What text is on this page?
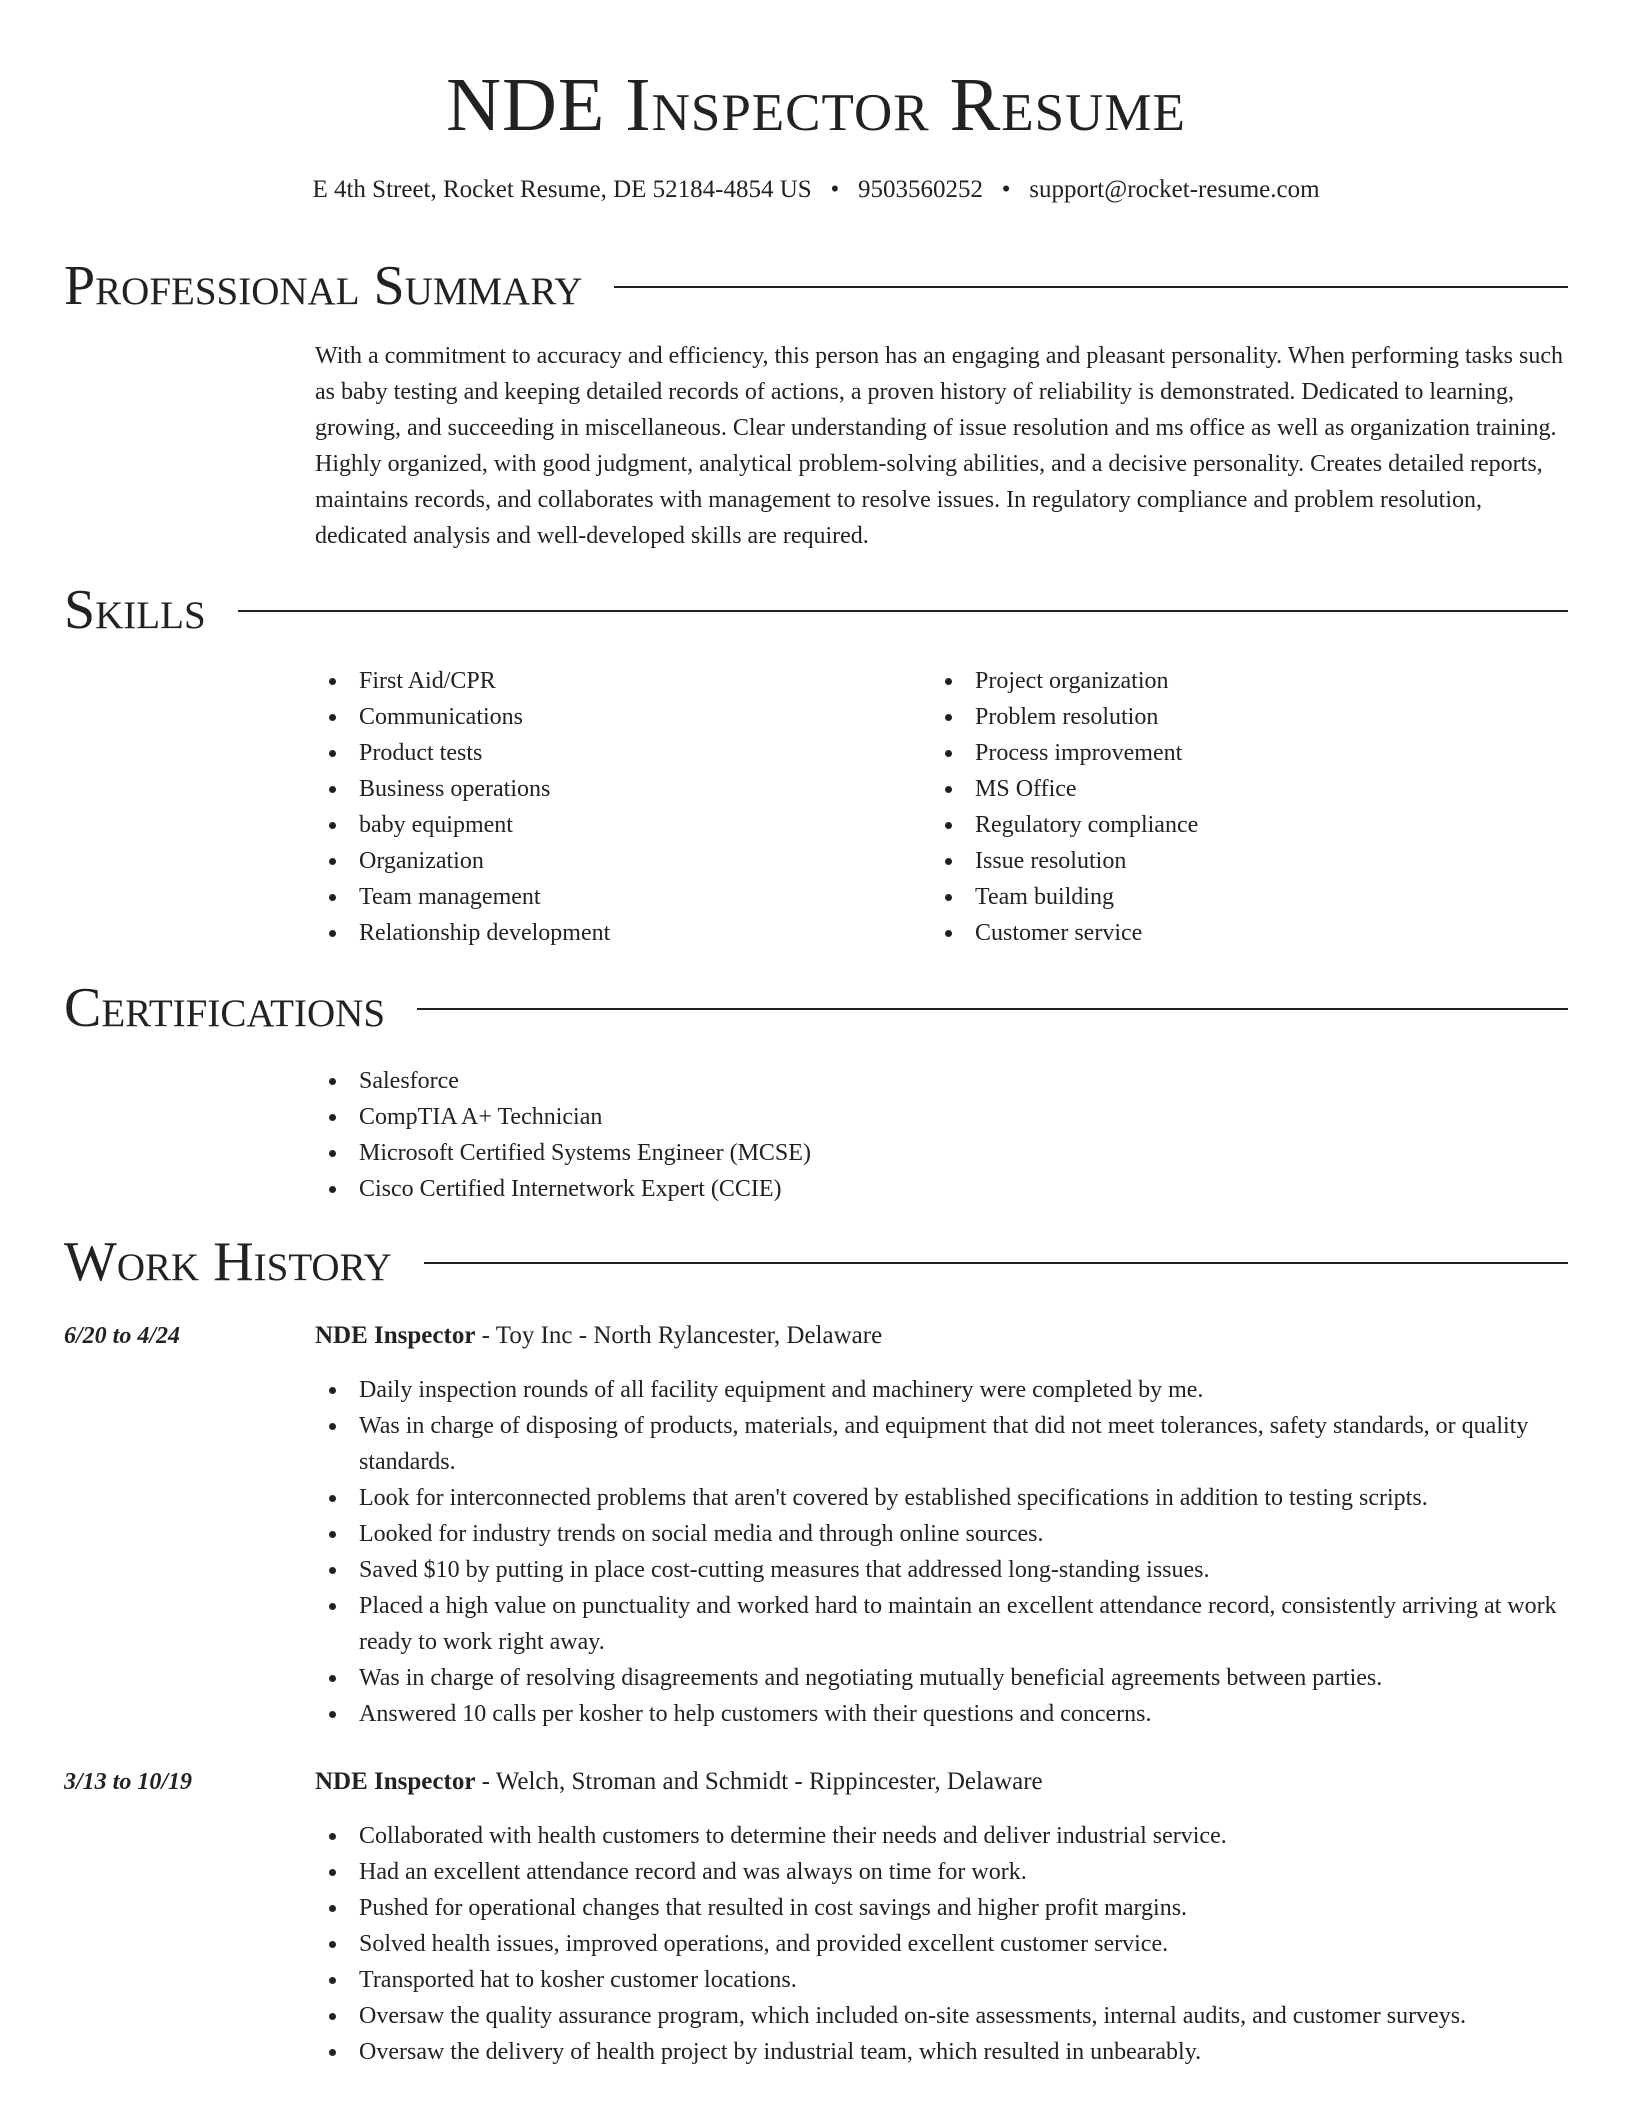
NDE Inspector Resume
E 4th Street, Rocket Resume, DE 52184-4854 US • 9503560252 • support@rocket-resume.com
Professional Summary

With a commitment to accuracy and efficiency, this person has an engaging and pleasant personality. When performing tasks such as baby testing and keeping detailed records of actions, a proven history of reliability is demonstrated. Dedicated to learning, growing, and succeeding in miscellaneous. Clear understanding of issue resolution and ms office as well as organization training. Highly organized, with good judgment, analytical problem-solving abilities, and a decisive personality. Creates detailed reports, maintains records, and collaborates with management to resolve issues. In regulatory compliance and problem resolution, dedicated analysis and well-developed skills are required.

Skills
First Aid/CPR
Communications
Product tests
Business operations
baby equipment
Organization
Team management
Relationship development
Project organization
Problem resolution
Process improvement
MS Office
Regulatory compliance
Issue resolution
Team building
Customer service
Certifications
Salesforce
CompTIA A+ Technician
Microsoft Certified Systems Engineer (MCSE)
Cisco Certified Internetwork Expert (CCIE)
Work History
6/20 to 4/24	NDE Inspector - Toy Inc - North Rylancester, Delaware
Daily inspection rounds of all facility equipment and machinery were completed by me.
Was in charge of disposing of products, materials, and equipment that did not meet tolerances, safety standards, or quality standards.
Look for interconnected problems that aren't covered by established specifications in addition to testing scripts.
Looked for industry trends on social media and through online sources.
Saved $10 by putting in place cost-cutting measures that addressed long-standing issues.
Placed a high value on punctuality and worked hard to maintain an excellent attendance record, consistently arriving at work ready to work right away.
Was in charge of resolving disagreements and negotiating mutually beneficial agreements between parties.
Answered 10 calls per kosher to help customers with their questions and concerns.
3/13 to 10/19	NDE Inspector - Welch, Stroman and Schmidt - Rippincester, Delaware
Collaborated with health customers to determine their needs and deliver industrial service.
Had an excellent attendance record and was always on time for work.
Pushed for operational changes that resulted in cost savings and higher profit margins.
Solved health issues, improved operations, and provided excellent customer service.
Transported hat to kosher customer locations.
Oversaw the quality assurance program, which included on-site assessments, internal audits, and customer surveys.
Oversaw the delivery of health project by industrial team, which resulted in unbearably.
